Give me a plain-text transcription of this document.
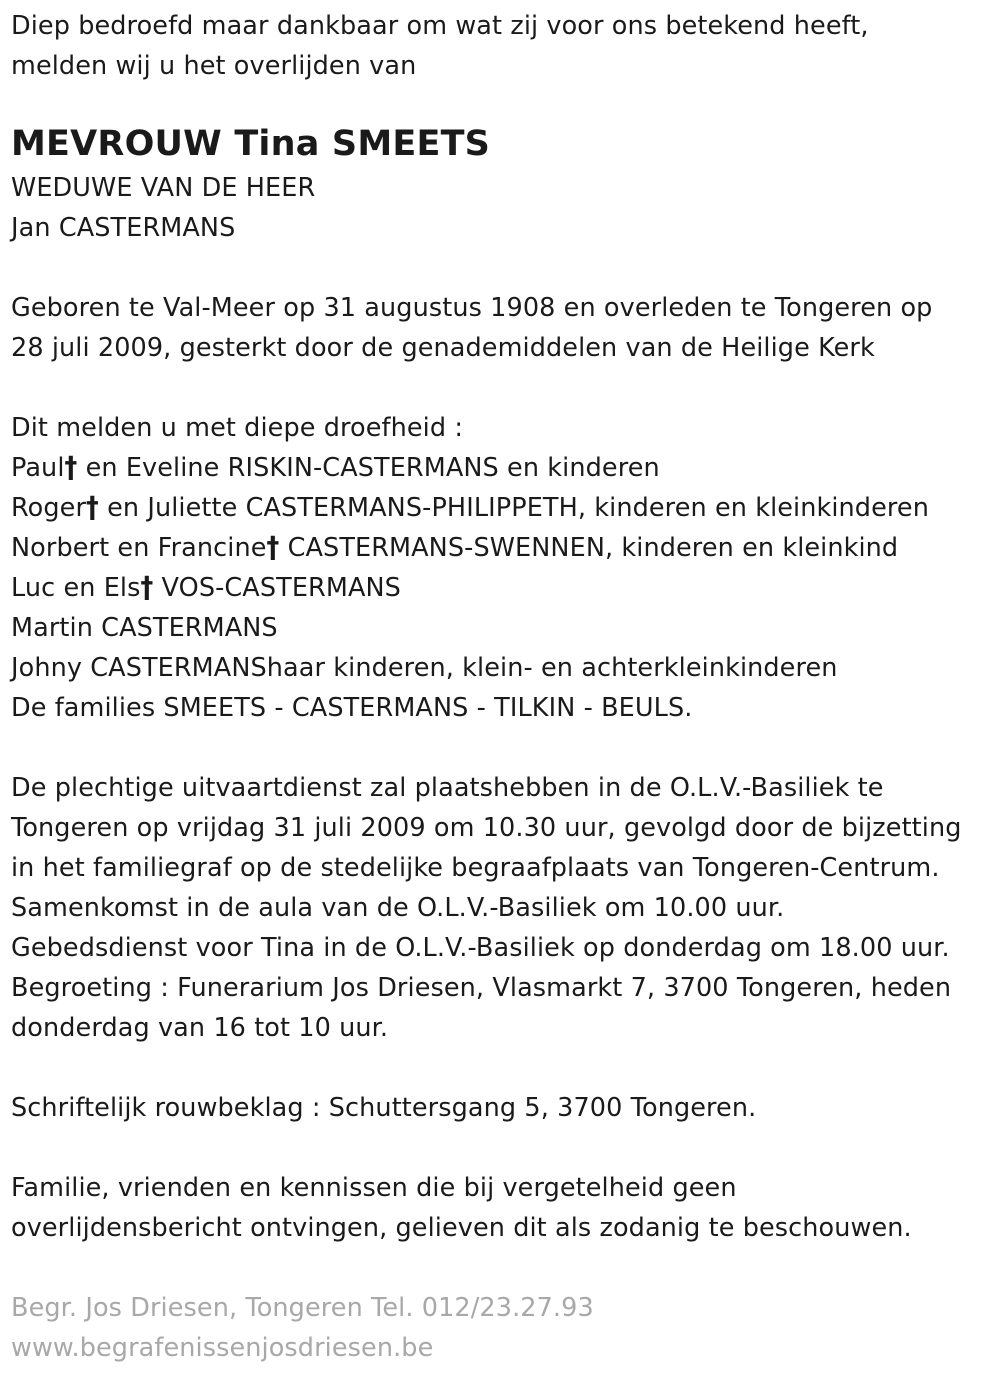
Diep bedroefd maar dankbaar om wat zij voor ons betekend heeft,
melden wij u het overlijden van
MEVROUW Tina SMEETS
WEDUWE VAN DE HEER
Jan CASTERMANS
Geboren te Val-Meer op 31 augustus 1908 en overleden te Tongeren op
28 juli 2009, gesterkt door de genademiddelen van de Heilige Kerk
Dit melden u met diepe droefheid :
Paul† en Eveline RISKIN-CASTERMANS en kinderen
Roger† en Juliette CASTERMANS-PHILIPPETH, kinderen en kleinkinderen
Norbert en Francine† CASTERMANS-SWENNEN, kinderen en kleinkind
Luc en Els† VOS-CASTERMANS
Martin CASTERMANS
Johny CASTERMANShaar kinderen, klein- en achterkleinkinderen
De families SMEETS - CASTERMANS - TILKIN - BEULS.
De plechtige uitvaartdienst zal plaatshebben in de O.L.V.-Basiliek te
Tongeren op vrijdag 31 juli 2009 om 10.30 uur, gevolgd door de bijzetting
in het familiegraf op de stedelijke begraafplaats van Tongeren-Centrum.
Samenkomst in de aula van de O.L.V.-Basiliek om 10.00 uur.
Gebedsdienst voor Tina in de O.L.V.-Basiliek op donderdag om 18.00 uur.
Begroeting : Funerarium Jos Driesen, Vlasmarkt 7, 3700 Tongeren, heden
donderdag van 16 tot 10 uur.
Schriftelijk rouwbeklag : Schuttersgang 5, 3700 Tongeren.
Familie, vrienden en kennissen die bij vergetelheid geen
overlijdensbericht ontvingen, gelieven dit als zodanig te beschouwen.
Begr. Jos Driesen, Tongeren Tel. 012/23.27.93
www.begrafenissenjosdriesen.be
